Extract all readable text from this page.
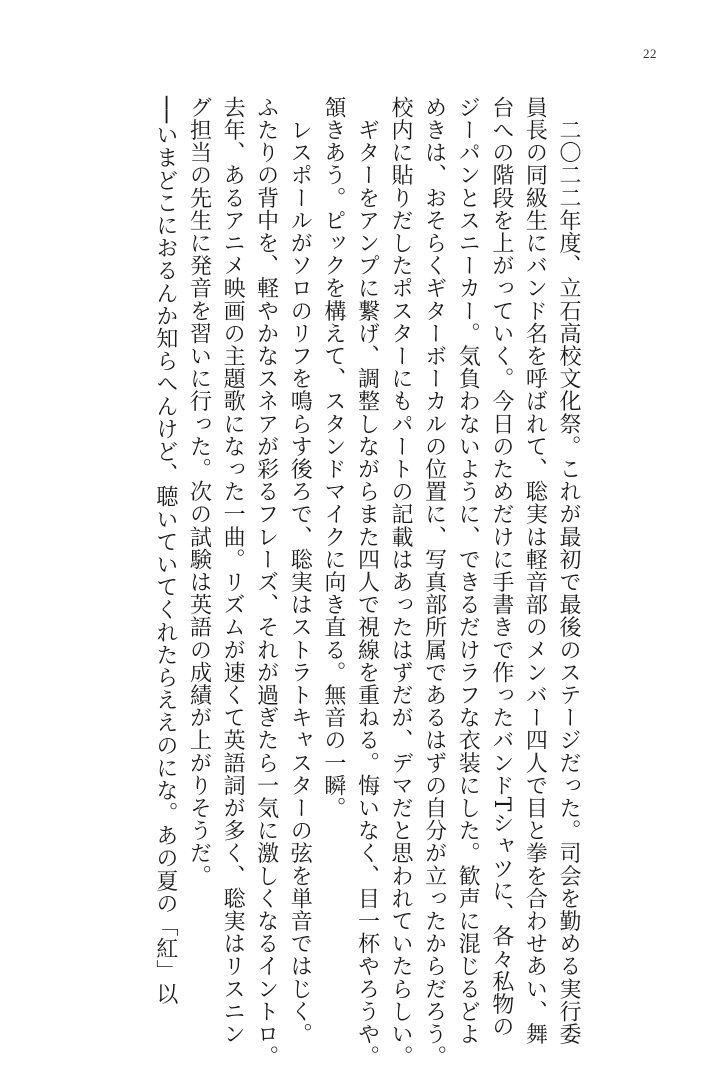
22
　二〇二二年度、立石高校文化祭。これが最初で最後のステージだった。司会を勤める実行委
員長の同級生にバンド名を呼ばれて、聡実は軽音部のメンバー四人で目と拳を合わせあい、舞
台への階段を上がっていく。今日のためだけに手書きで作ったバンドTシャツに、各々私物の
ジーパンとスニーカー。気負わないように、できるだけラフな衣装にした。歓声に混じるどよ
めきは、おそらくギターボーカルの位置に、写真部所属であるはずの自分が立ったからだろう。
校内に貼りだしたポスターにもパートの記載はあったはずだが、デマだと思われていたらしい。
　ギターをアンプに繋げ、調整しながらまた四人で視線を重ねる。悔いなく、目一杯やろうや。
頷きあう。ピックを構えて、スタンドマイクに向き直る。無音の一瞬。
　レスポールがソロのリフを鳴らす後ろで、聡実はストラトキャスターの弦を単音ではじく。
ふたりの背中を、軽やかなスネアが彩るフレーズ、それが過ぎたら一気に激しくなるイントロ。
去年、あるアニメ映画の主題歌になった一曲。リズムが速くて英語詞が多く、聡実はリスニン
グ担当の先生に発音を習いに行った。次の試験は英語の成績が上がりそうだ。
──いまどこにおるんか知らへんけど、聴いていてくれたらええのにな。あの夏の「紅」以
